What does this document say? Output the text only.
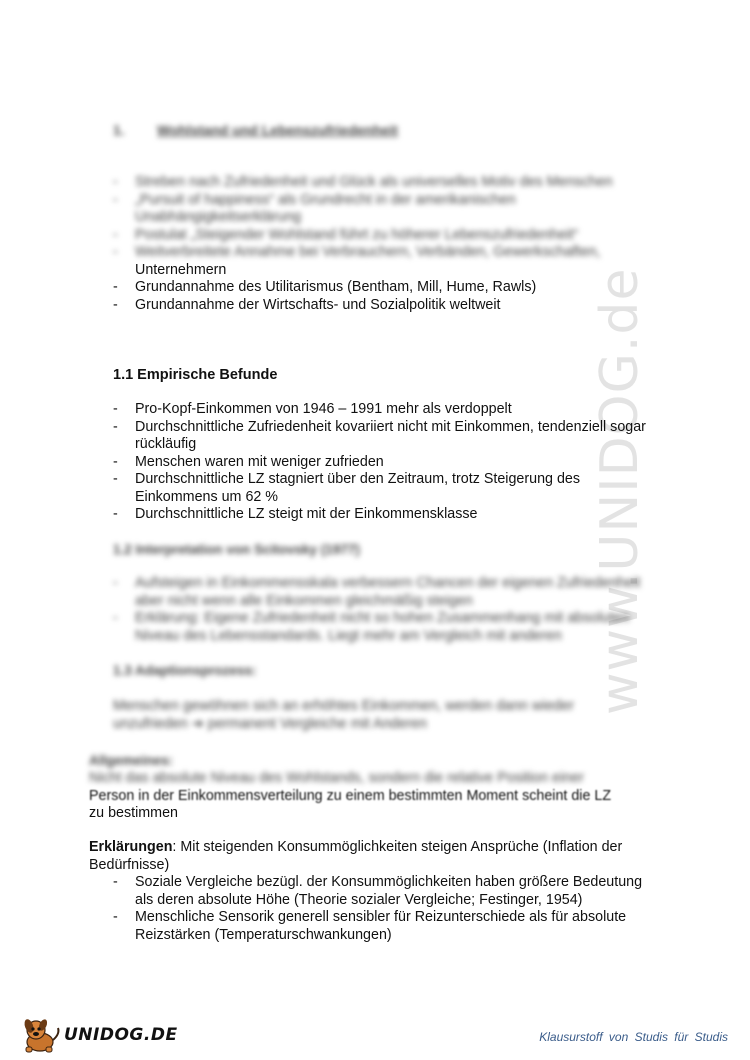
www.UNIDOG.de
1. Wohlstand und Lebenszufriedenheit
- Streben nach Zufriedenheit und Glück als universelles Motiv des Menschen
- „Pursuit of happiness“ als Grundrecht in der amerikanischen Unabhängigkeitserklärung
- Postulat „Steigender Wohlstand führt zu höherer Lebenszufriedenheit“
- Weitverbreitete Annahme bei Verbrauchern, Verbänden, Gewerkschaften,
Unternehmern
- Grundannahme des Utilitarismus (Bentham, Mill, Hume, Rawls)
- Grundannahme der Wirtschafts- und Sozialpolitik weltweit
1.1 Empirische Befunde
- Pro-Kopf-Einkommen von 1946 – 1991 mehr als verdoppelt
- Durchschnittliche Zufriedenheit kovariiert nicht mit Einkommen, tendenziell sogar rückläufig
- Menschen waren mit weniger zufrieden
- Durchschnittliche LZ stagniert über den Zeitraum, trotz Steigerung des Einkommens um 62 %
- Durchschnittliche LZ steigt mit der Einkommensklasse
1.2 Interpretation von Scitovsky (1977)
- Aufsteigen in Einkommensskala verbessern Chancen der eigenen Zufriedenheit aber nicht wenn alle Einkommen gleichmäßig steigen
- Erklärung: Eigene Zufriedenheit nicht so hohen Zusammenhang mit absoluten Niveau des Lebensstandards. Liegt mehr am Vergleich mit anderen
1.3 Adaptionsprozess:
Menschen gewöhnen sich an erhöhtes Einkommen, werden dann wieder unzufrieden ➔ permanent Vergleiche mit Anderen
Allgemeines:
Nicht das absolute Niveau des Wohlstands, sondern die relative Position einer
Person in der Einkommensverteilung zu einem bestimmten Moment scheint die LZ
zu bestimmen
Erklärungen: Mit steigenden Konsummöglichkeiten steigen Ansprüche (Inflation der Bedürfnisse)
- Soziale Vergleiche bezügl. der Konsummöglichkeiten haben größere Bedeutung als deren absolute Höhe (Theorie sozialer Vergleiche; Festinger, 1954)
- Menschliche Sensorik generell sensibler für Reizunterschiede als für absolute Reizstärken (Temperaturschwankungen)
UNIDOG.DE	Klausurstoff von Studis für Studis
